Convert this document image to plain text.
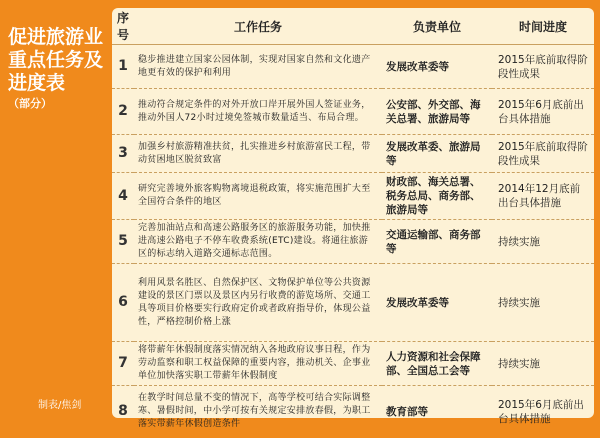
促进旅游业
重点任务及
进度表
（部分）
制表/焦剑
序号	工作任务	负责单位	时间进度
1	稳步推进建立国家公园体制，实现对国家自然和文化遗产地更有效的保护和利用	发展改革委等	2015年底前取得阶段性成果
2	推动符合规定条件的对外开放口岸开展外国人签证业务，推动外国人72小时过境免签城市数量适当、布局合理。	公安部、外交部、海关总署、旅游局等	2015年6月底前出台具体措施
3	加强乡村旅游精准扶贫，扎实推进乡村旅游富民工程，带动贫困地区脱贫致富	发展改革委、旅游局等	2015年底前取得阶段性成果
4	研究完善境外旅客购物离境退税政策，将实施范围扩大至全国符合条件的地区	财政部、海关总署、税务总局、商务部、旅游局等	2014年12月底前出台具体措施
5	完善加油站点和高速公路服务区的旅游服务功能，加快推进高速公路电子不停车收费系统(ETC)建设。将通往旅游区的标志纳入道路交通标志范围。	交通运输部、商务部等	持续实施
6	利用风景名胜区、自然保护区、文物保护单位等公共资源建设的景区门票以及景区内另行收费的游览场所、交通工具等项目价格要实行政府定价或者政府指导价，体现公益性，严格控制价格上涨	发展改革委等	持续实施
7	将带薪年休假制度落实情况纳入各地政府议事日程，作为劳动监察和职工权益保障的重要内容，推动机关、企事业单位加快落实职工带薪年休假制度	人力资源和社会保障部、全国总工会等	持续实施
8	在教学时间总量不变的情况下，高等学校可结合实际调整寒、暑假时间，中小学可按有关规定安排放春假，为职工落实带薪年休假创造条件	教育部等	2015年6月底前出台具体措施
